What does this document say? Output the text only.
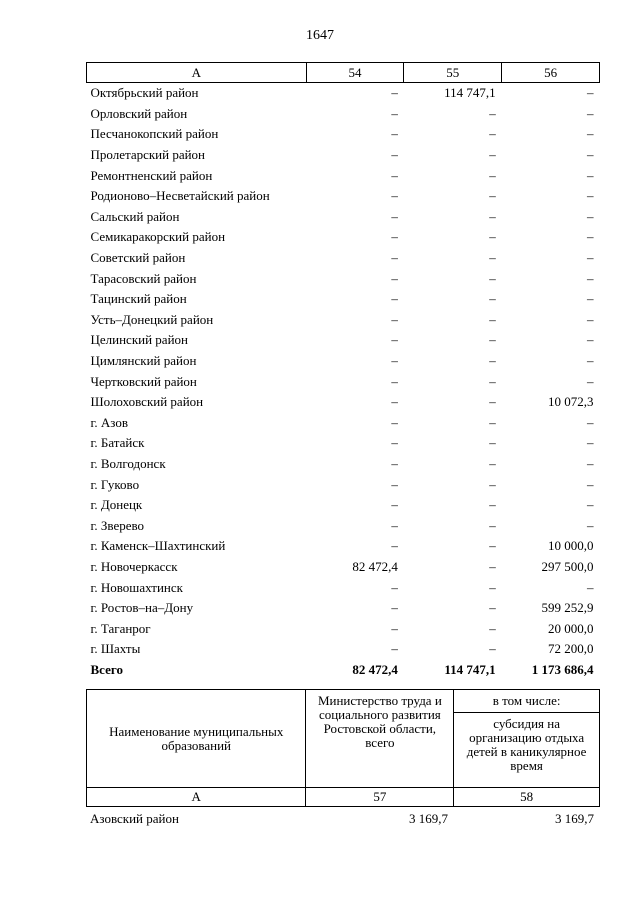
1647
А	54	55	56
Октябрьский район	–	114 747,1	–
Орловский район	–	–	–
Песчанокопский район	–	–	–
Пролетарский район	–	–	–
Ремонтненский район	–	–	–
Родионово–Несветайский район	–	–	–
Сальский район	–	–	–
Семикаракорский район	–	–	–
Советский район	–	–	–
Тарасовский район	–	–	–
Тацинский район	–	–	–
Усть–Донецкий район	–	–	–
Целинский район	–	–	–
Цимлянский район	–	–	–
Чертковский район	–	–	–
Шолоховский район	–	–	10 072,3
г. Азов	–	–	–
г. Батайск	–	–	–
г. Волгодонск	–	–	–
г. Гуково	–	–	–
г. Донецк	–	–	–
г. Зверево	–	–	–
г. Каменск–Шахтинский	–	–	10 000,0
г. Новочеркасск	82 472,4	–	297 500,0
г. Новошахтинск	–	–	–
г. Ростов–на–Дону	–	–	599 252,9
г. Таганрог	–	–	20 000,0
г. Шахты	–	–	72 200,0
Всего	82 472,4	114 747,1	1 173 686,4
Наименование муниципальных образований	Министерство труда и социального развития Ростовской области, всего	в том числе:
		субсидия на организацию отдыха детей в каникулярное время
А	57	58
Азовский район	3 169,7	3 169,7
